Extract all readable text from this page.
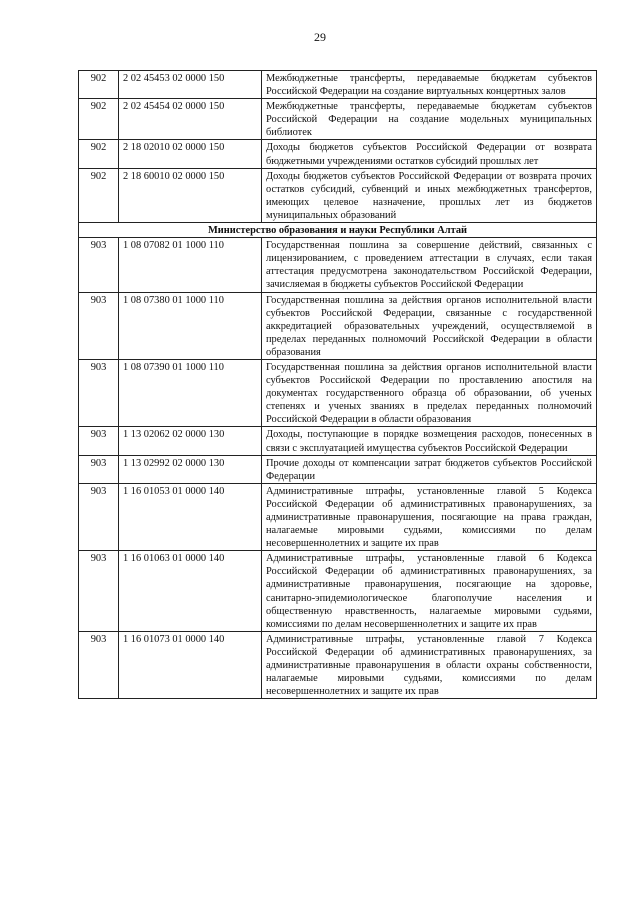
29
902	2 02 45453 02 0000 150	Межбюджетные трансферты, передаваемые бюджетам субъектов Российской Федерации на создание виртуальных концертных залов
902	2 02 45454 02 0000 150	Межбюджетные трансферты, передаваемые бюджетам субъектов Российской Федерации на создание модельных муниципальных библиотек
902	2 18 02010 02 0000 150	Доходы бюджетов субъектов Российской Федерации от возврата бюджетными учреждениями остатков субсидий прошлых лет
902	2 18 60010 02 0000 150	Доходы бюджетов субъектов Российской Федерации от возврата прочих остатков субсидий, субвенций и иных межбюджетных трансфертов, имеющих целевое назначение, прошлых лет из бюджетов муниципальных образований
Министерство образования и науки Республики Алтай		
903	1 08 07082 01 1000 110	Государственная пошлина за совершение действий, связанных с лицензированием, с проведением аттестации в случаях, если такая аттестация предусмотрена законодательством Российской Федерации, зачисляемая в бюджеты субъектов Российской Федерации
903	1 08 07380 01 1000 110	Государственная пошлина за действия органов исполнительной власти субъектов Российской Федерации, связанные с государственной аккредитацией образовательных учреждений, осуществляемой в пределах переданных полномочий Российской Федерации в области образования
903	1 08 07390 01 1000 110	Государственная пошлина за действия органов исполнительной власти субъектов Российской Федерации по проставлению апостиля на документах государственного образца об образовании, об ученых степенях и ученых званиях в пределах переданных полномочий Российской Федерации в области образования
903	1 13 02062 02 0000 130	Доходы, поступающие в порядке возмещения расходов, понесенных в связи с эксплуатацией имущества субъектов Российской Федерации
903	1 13 02992 02 0000 130	Прочие доходы от компенсации затрат бюджетов субъектов Российской Федерации
903	1 16 01053 01 0000 140	Административные штрафы, установленные главой 5 Кодекса Российской Федерации об административных правонарушениях, за административные правонарушения, посягающие на права граждан, налагаемые мировыми судьями, комиссиями по делам несовершеннолетних и защите их прав
903	1 16 01063 01 0000 140	Административные штрафы, установленные главой 6 Кодекса Российской Федерации об административных правонарушениях, за административные правонарушения, посягающие на здоровье, санитарно-эпидемиологическое благополучие населения и общественную нравственность, налагаемые мировыми судьями, комиссиями по делам несовершеннолетних и защите их прав
903	1 16 01073 01 0000 140	Административные штрафы, установленные главой 7 Кодекса Российской Федерации об административных правонарушениях, за административные правонарушения в области охраны собственности, налагаемые мировыми судьями, комиссиями по делам несовершеннолетних и защите их прав
